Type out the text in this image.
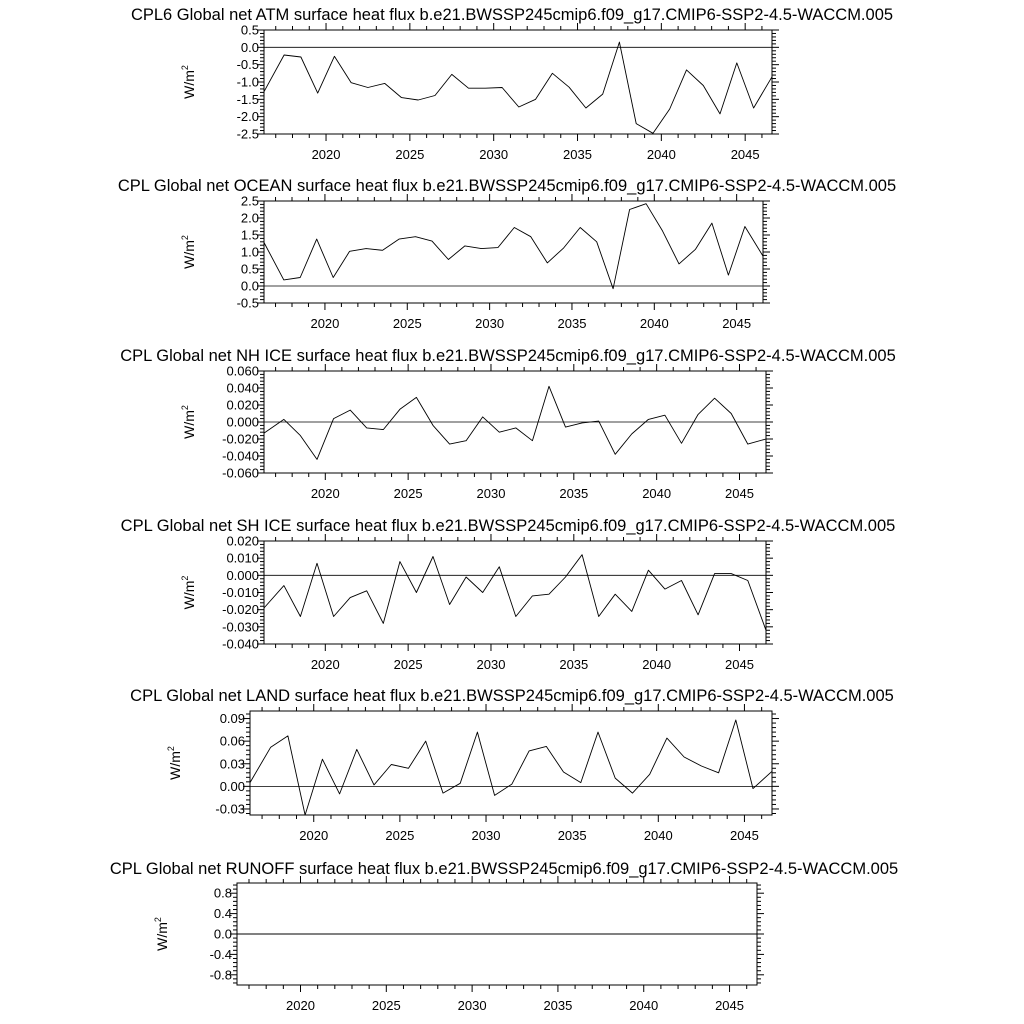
CPL6 Global net ATM surface heat flux b.e21.BWSSP245cmip6.f09_g17.CMIP6-SSP2-4.5-WACCM.005
2020	2025	2030	2035	2040	2045
0.5
0.0
-0.5
-1.0
-1.5
-2.0
-2.5
$W/m^2$
CPL Global net OCEAN surface heat flux b.e21.BWSSP245cmip6.f09_g17.CMIP6-SSP2-4.5-WACCM.005
2020	2025	2030	2035	2040	2045
2.5
2.0
1.5
1.0
0.5
0.0
-0.5
$W/m^2$
CPL Global net NH ICE surface heat flux b.e21.BWSSP245cmip6.f09_g17.CMIP6-SSP2-4.5-WACCM.005
2020	2025	2030	2035	2040	2045
0.060
0.040
0.020
0.000
-0.020
-0.040
-0.060
$W/m^2$
CPL Global net SH ICE surface heat flux b.e21.BWSSP245cmip6.f09_g17.CMIP6-SSP2-4.5-WACCM.005
2020	2025	2030	2035	2040	2045
0.020
0.010
0.000
-0.010
-0.020
-0.030
-0.040
$W/m^2$
CPL Global net LAND surface heat flux b.e21.BWSSP245cmip6.f09_g17.CMIP6-SSP2-4.5-WACCM.005
2020	2025	2030	2035	2040	2045
0.09
0.06
0.03
0.00
-0.03
$W/m^2$
CPL Global net RUNOFF surface heat flux b.e21.BWSSP245cmip6.f09_g17.CMIP6-SSP2-4.5-WACCM.005
2020	2025	2030	2035	2040	2045
0.8
0.4
0.0
-0.4
-0.8
$W/m^2$
